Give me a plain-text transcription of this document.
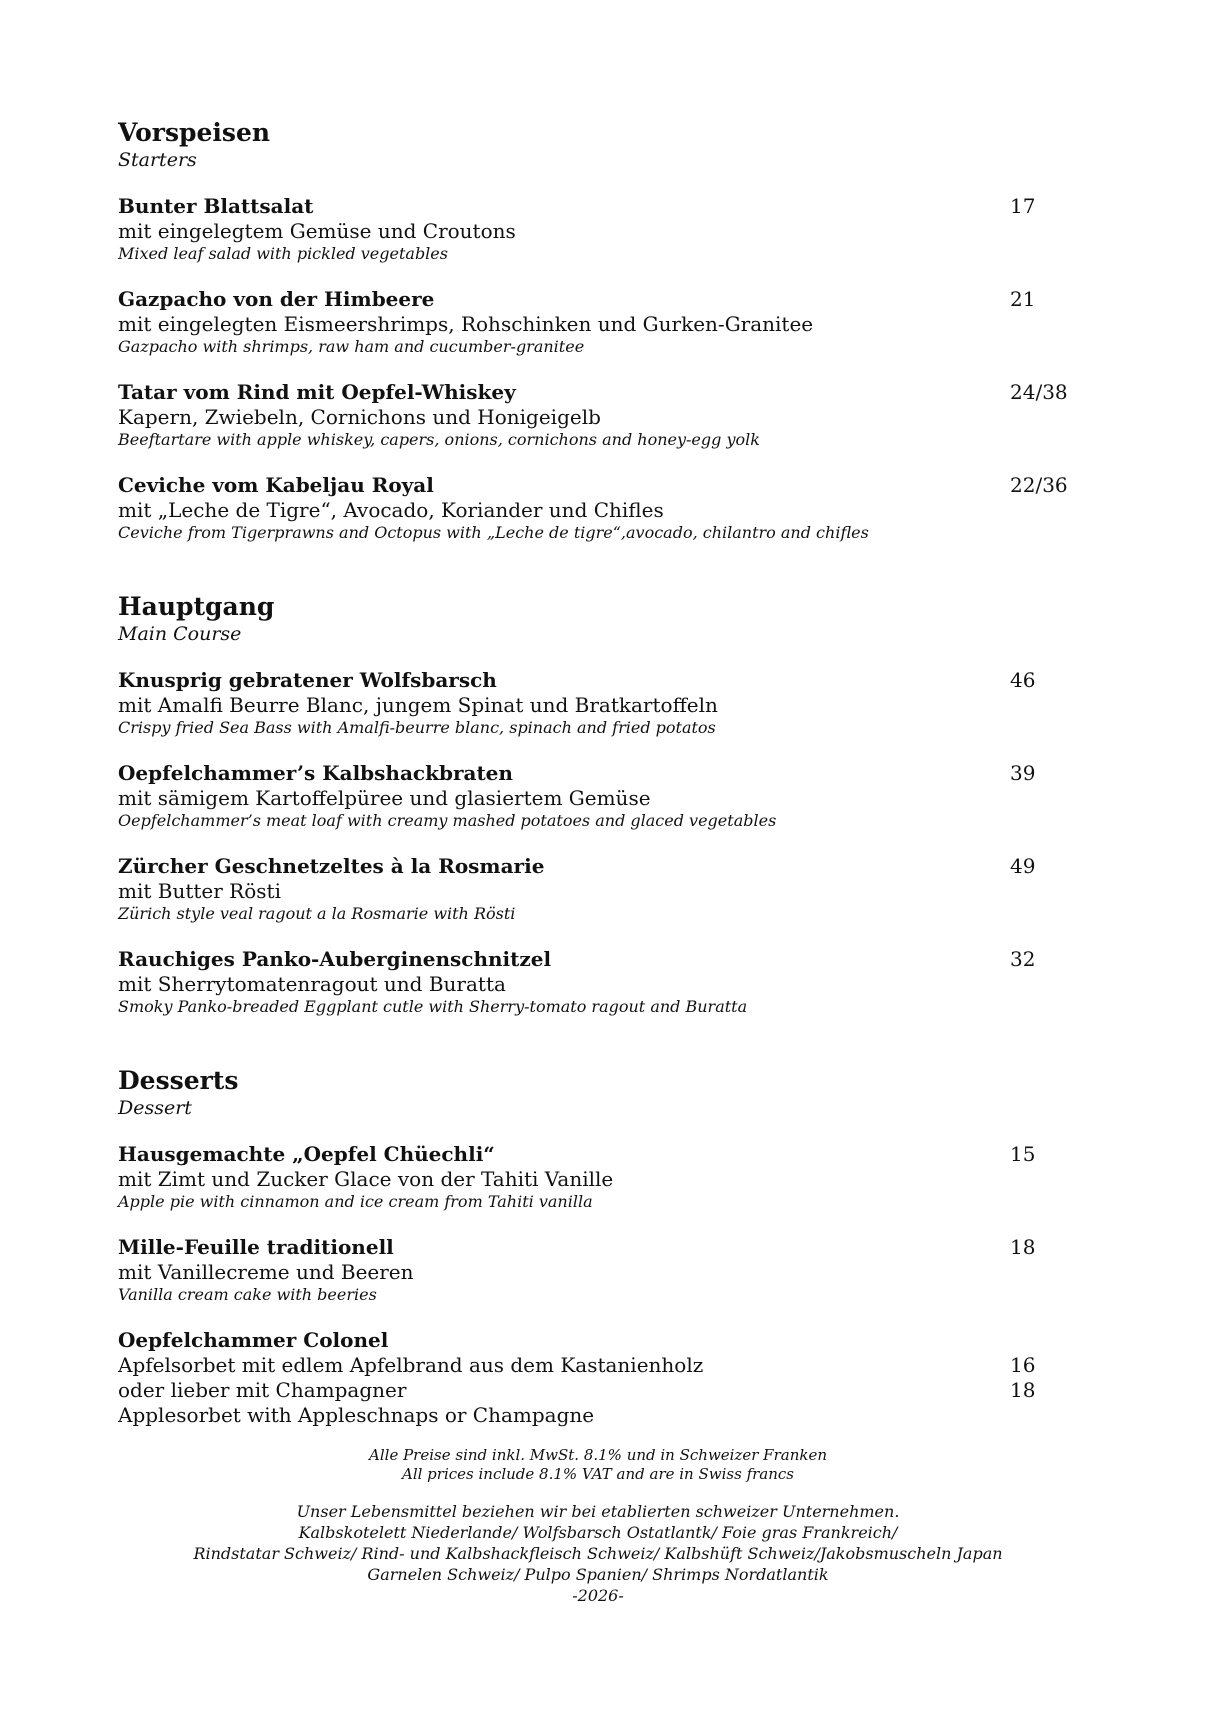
Vorspeisen
Starters
17
Bunter Blattsalat
mit eingelegtem Gemüse und Croutons
Mixed leaf salad with pickled vegetables
21
Gazpacho von der Himbeere
mit eingelegten Eismeershrimps, Rohschinken und Gurken-Granitee
Gazpacho with shrimps, raw ham and cucumber-granitee
24/38
Tatar vom Rind mit Oepfel-Whiskey
Kapern, Zwiebeln, Cornichons und Honigeigelb
Beeftartare with apple whiskey, capers, onions, cornichons and honey-egg yolk
22/36
Ceviche vom Kabeljau Royal
mit „Leche de Tigre“, Avocado, Koriander und Chifles
Ceviche from Tigerprawns and Octopus with „Leche de tigre“,avocado, chilantro and chifles
Hauptgang
Main Course
46
Knusprig gebratener Wolfsbarsch
mit Amalfi Beurre Blanc, jungem Spinat und Bratkartoffeln
Crispy fried Sea Bass with Amalfi-beurre blanc, spinach and fried potatos
39
Oepfelchammer’s Kalbshackbraten
mit sämigem Kartoffelpüree und glasiertem Gemüse
Oepfelchammer’s meat loaf with creamy mashed potatoes and glaced vegetables
49
Zürcher Geschnetzeltes à la Rosmarie
mit Butter Rösti
Zürich style veal ragout a la Rosmarie with Rösti
32
Rauchiges Panko-Auberginenschnitzel
mit Sherrytomatenragout und Buratta
Smoky Panko-breaded Eggplant cutle with Sherry-tomato ragout and Buratta
Desserts
Dessert
15
Hausgemachte „Oepfel Chüechli“
mit Zimt und Zucker Glace von der Tahiti Vanille
Apple pie with cinnamon and ice cream from Tahiti vanilla
18
Mille-Feuille traditionell
mit Vanillecreme und Beeren
Vanilla cream cake with beeries
Oepfelchammer Colonel
Apfelsorbet mit edlem Apfelbrand aus dem Kastanienholz	16
oder lieber mit Champagner	18
Applesorbet with Appleschnaps or Champagne
Alle Preise sind inkl. MwSt. 8.1% und in Schweizer Franken
All prices include 8.1% VAT and are in Swiss francs
Unser Lebensmittel beziehen wir bei etablierten schweizer Unternehmen.
Kalbskotelett Niederlande/ Wolfsbarsch Ostatlantk/ Foie gras Frankreich/
Rindstatar Schweiz/ Rind- und Kalbshackfleisch Schweiz/ Kalbshüft Schweiz/Jakobsmuscheln Japan
Garnelen Schweiz/ Pulpo Spanien/ Shrimps Nordatlantik
-2026-
